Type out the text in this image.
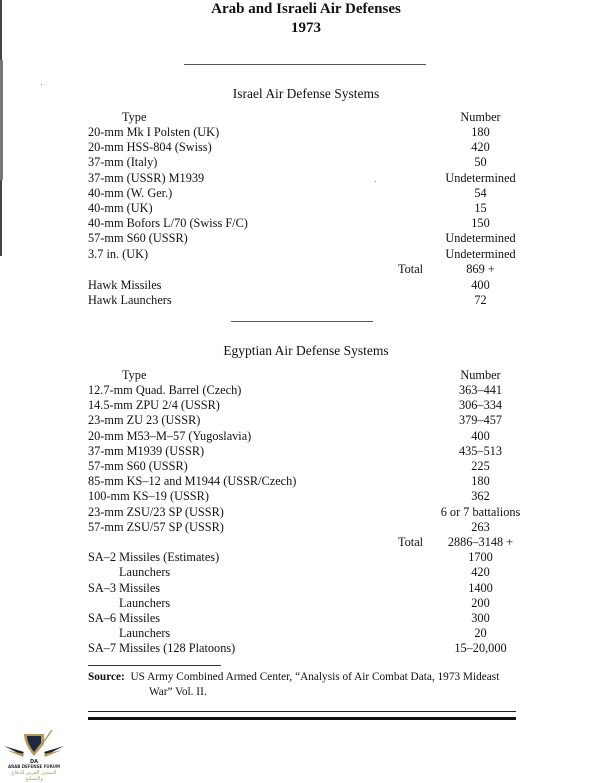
Arab and Israeli Air Defenses
1973
Israel Air Defense Systems
Type	Number
20-mm Mk I Polsten (UK)	180
20-mm HSS-804 (Swiss)	420
37-mm (Italy)	50
37-mm (USSR) M1939	Undetermined
40-mm (W. Ger.)	54
40-mm (UK)	15
40-mm Bofors L/70 (Swiss F/C)	150
57-mm S60 (USSR)	Undetermined
3.7 in. (UK)	Undetermined
Total	869 +
Hawk Missiles	400
Hawk Launchers	72
Egyptian Air Defense Systems
Type	Number
12.7-mm Quad. Barrel (Czech)	363–441
14.5-mm ZPU 2/4 (USSR)	306–334
23-mm ZU 23 (USSR)	379–457
20-mm M53–M–57 (Yugoslavia)	400
37-mm M1939 (USSR)	435–513
57-mm S60 (USSR)	225
85-mm KS–12 and M1944 (USSR/Czech)	180
100-mm KS–19 (USSR)	362
23-mm ZSU/23 SP (USSR)	6 or 7 battalions
57-mm ZSU/57 SP (USSR)	263
Total	2886–3148 +
SA–2 Missiles (Estimates)	1700
Launchers	420
SA–3 Missiles	1400
Launchers	200
SA–6 Missiles	300
Launchers	20
SA–7 Missiles (128 Platoons)	15–20,000
Source: US Army Combined Armed Center, “Analysis of Air Combat Data, 1973 Mideast
War” Vol. II.
DA
ARAB DEFENSE FORUM
المنتدى العربي للدفاع والتسليح
